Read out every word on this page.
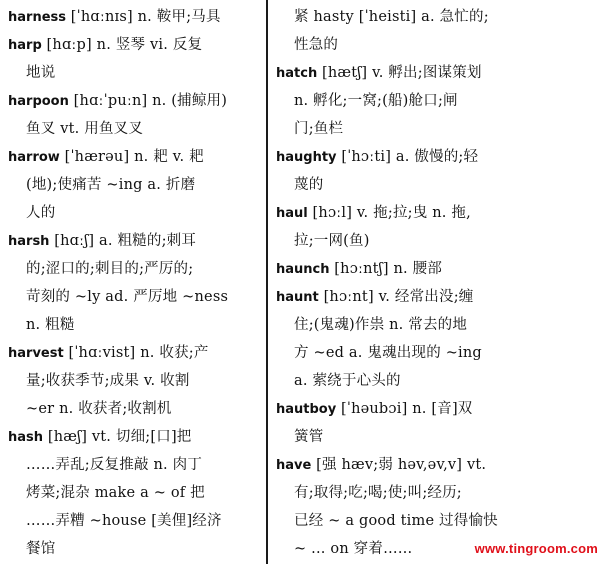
harness [ˈhɑːnɪs] n. 鞍甲;马具
harp [hɑːp] n. 竖琴 vi. 反复
地说
harpoon [hɑːˈpuːn] n. (捕鲸用)
鱼叉 vt. 用鱼叉叉
harrow [ˈhærəu] n. 耙 v. 耙
(地);使痛苦 ~ing a. 折磨
人的
harsh [hɑːʃ] a. 粗糙的;刺耳
的;涩口的;刺目的;严厉的;
苛刻的 ~ly ad. 严厉地 ~ness
n. 粗糙
harvest [ˈhɑːvist] n. 收获;产
量;收获季节;成果 v. 收割
~er n. 收获者;收割机
hash [hæʃ] vt. 切细;[口]把
……弄乱;反复推敲 n. 肉丁
烤菜;混杂 make a ~ of 把
……弄糟 ~house [美俚]经济
餐馆
紧 hasty [ˈheisti] a. 急忙的;
性急的
hatch [hætʃ] v. 孵出;图谋策划
n. 孵化;一窝;(船)舱口;闸
门;鱼栏
haughty [ˈhɔːti] a. 傲慢的;轻
蔑的
haul [hɔːl] v. 拖;拉;曳 n. 拖,
拉;一网(鱼)
haunch [hɔːntʃ] n. 腰部
haunt [hɔːnt] v. 经常出没;缠
住;(鬼魂)作祟 n. 常去的地
方 ~ed a. 鬼魂出现的 ~ing
a. 萦绕于心头的
hautboy [ˈhəubɔi] n. [音]双
簧管
have [强 hæv;弱 həv,əv,v] vt.
有;取得;吃;喝;使;叫;经历;
已经 ~ a good time 过得愉快
~ ... on 穿着……	www.tingroom.com
